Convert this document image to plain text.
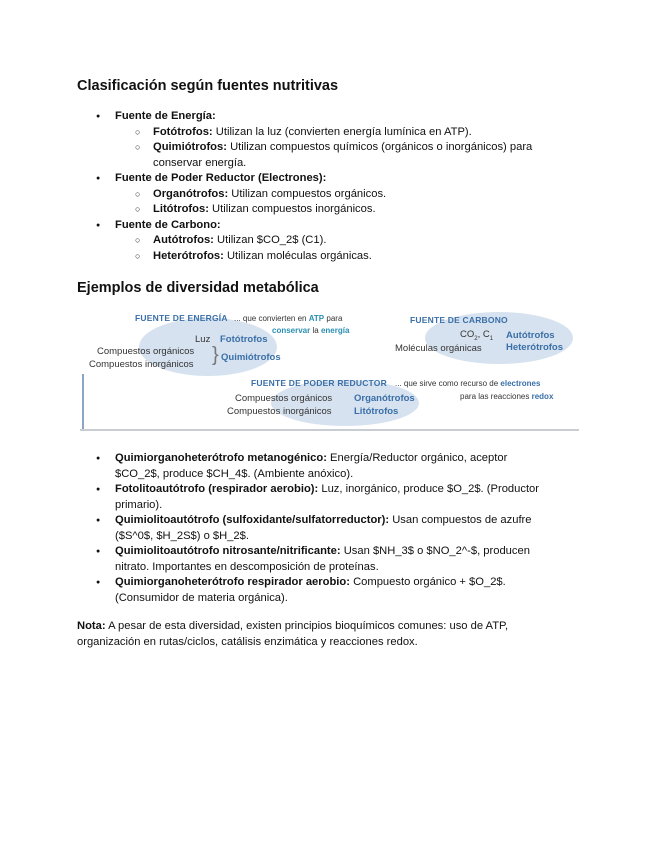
Clasificación según fuentes nutritivas
● Fuente de Energía:
○ Fotótrofos: Utilizan la luz (convierten energía lumínica en ATP).
○ Quimiótrofos: Utilizan compuestos químicos (orgánicos o inorgánicos) para
conservar energía.
● Fuente de Poder Reductor (Electrones):
○ Organótrofos: Utilizan compuestos orgánicos.
○ Litótrofos: Utilizan compuestos inorgánicos.
● Fuente de Carbono:
○ Autótrofos: Utilizan $CO_2$ (C1).
○ Heterótrofos: Utilizan moléculas orgánicas.
Ejemplos de diversidad metabólica
FUENTE DE ENERGÍA ... que convierten en ATP para
conservar la energía
Luz Fotótrofos
Compuestos orgánicos
Compuestos inorgánicos } Quimiótrofos
FUENTE DE CARBONO
$CO_2$, $C_1$ Autótrofos
Moléculas orgánicas	Heterótrofos
FUENTE DE PODER REDUCTOR ... que sirve como recurso de electrones
para las reacciones redox
Compuestos orgánicos Organótrofos
Compuestos inorgánicos Litótrofos
● Quimiorganoheterótrofo metanogénico: Energía/Reductor orgánico, aceptor
$CO_2$, produce $CH_4$. (Ambiente anóxico).
● Fotolitoautótrofo (respirador aerobio): Luz, inorgánico, produce $O_2$. (Productor
primario).
● Quimiolitoautótrofo (sulfoxidante/sulfatorreductor): Usan compuestos de azufre
($S^0$, $H_2S$) o $H_2$.
● Quimiolitoautótrofo nitrosante/nitrificante: Usan $NH_3$ o $NO_2^-$, producen
nitrato. Importantes en descomposición de proteínas.
● Quimiorganoheterótrofo respirador aerobio: Compuesto orgánico + $O_2$.
(Consumidor de materia orgánica).
Nota: A pesar de esta diversidad, existen principios bioquímicos comunes: uso de ATP,
organización en rutas/ciclos, catálisis enzimática y reacciones redox.
